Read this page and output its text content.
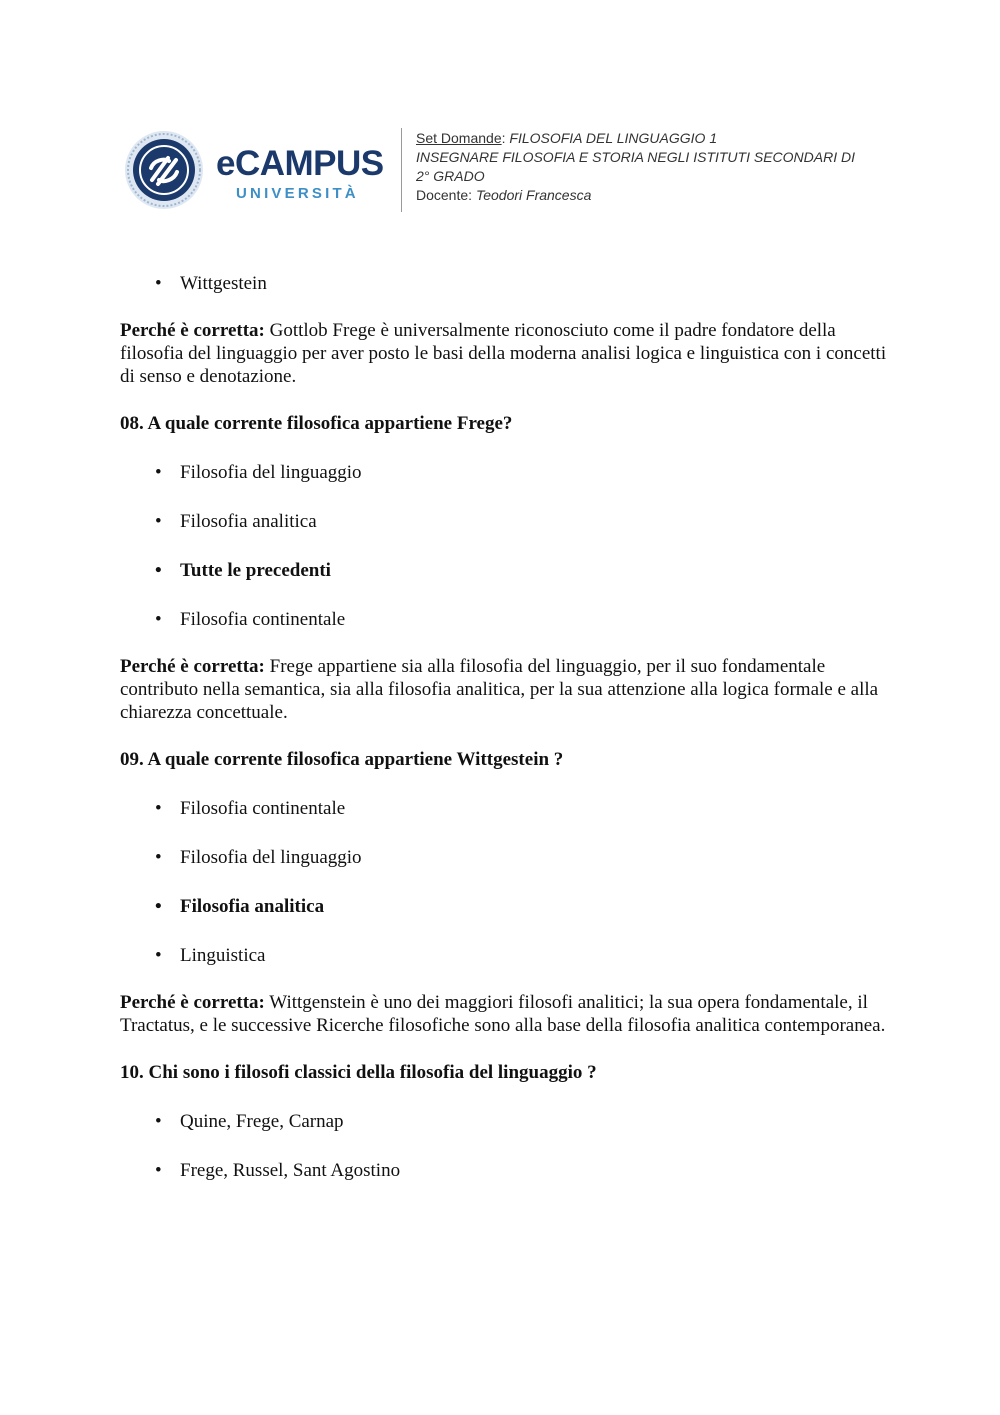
eCAMPUS
UNIVERSITÀ
Set Domande: FILOSOFIA DEL LINGUAGGIO 1
INSEGNARE FILOSOFIA E STORIA NEGLI ISTITUTI SECONDARI DI
2° GRADO
Docente: Teodori Francesca
• Wittgestein
Perché è corretta: Gottlob Frege è universalmente riconosciuto come il padre fondatore della filosofia del linguaggio per aver posto le basi della moderna analisi logica e linguistica con i concetti di senso e denotazione.
08. A quale corrente filosofica appartiene Frege?
• Filosofia del linguaggio
• Filosofia analitica
• Tutte le precedenti
• Filosofia continentale
Perché è corretta: Frege appartiene sia alla filosofia del linguaggio, per il suo fondamentale contributo nella semantica, sia alla filosofia analitica, per la sua attenzione alla logica formale e alla chiarezza concettuale.
09. A quale corrente filosofica appartiene Wittgestein ?
• Filosofia continentale
• Filosofia del linguaggio
• Filosofia analitica
• Linguistica
Perché è corretta: Wittgenstein è uno dei maggiori filosofi analitici; la sua opera fondamentale, il Tractatus, e le successive Ricerche filosofiche sono alla base della filosofia analitica contemporanea.
10. Chi sono i filosofi classici della filosofia del linguaggio ?
• Quine, Frege, Carnap
• Frege, Russel, Sant Agostino
